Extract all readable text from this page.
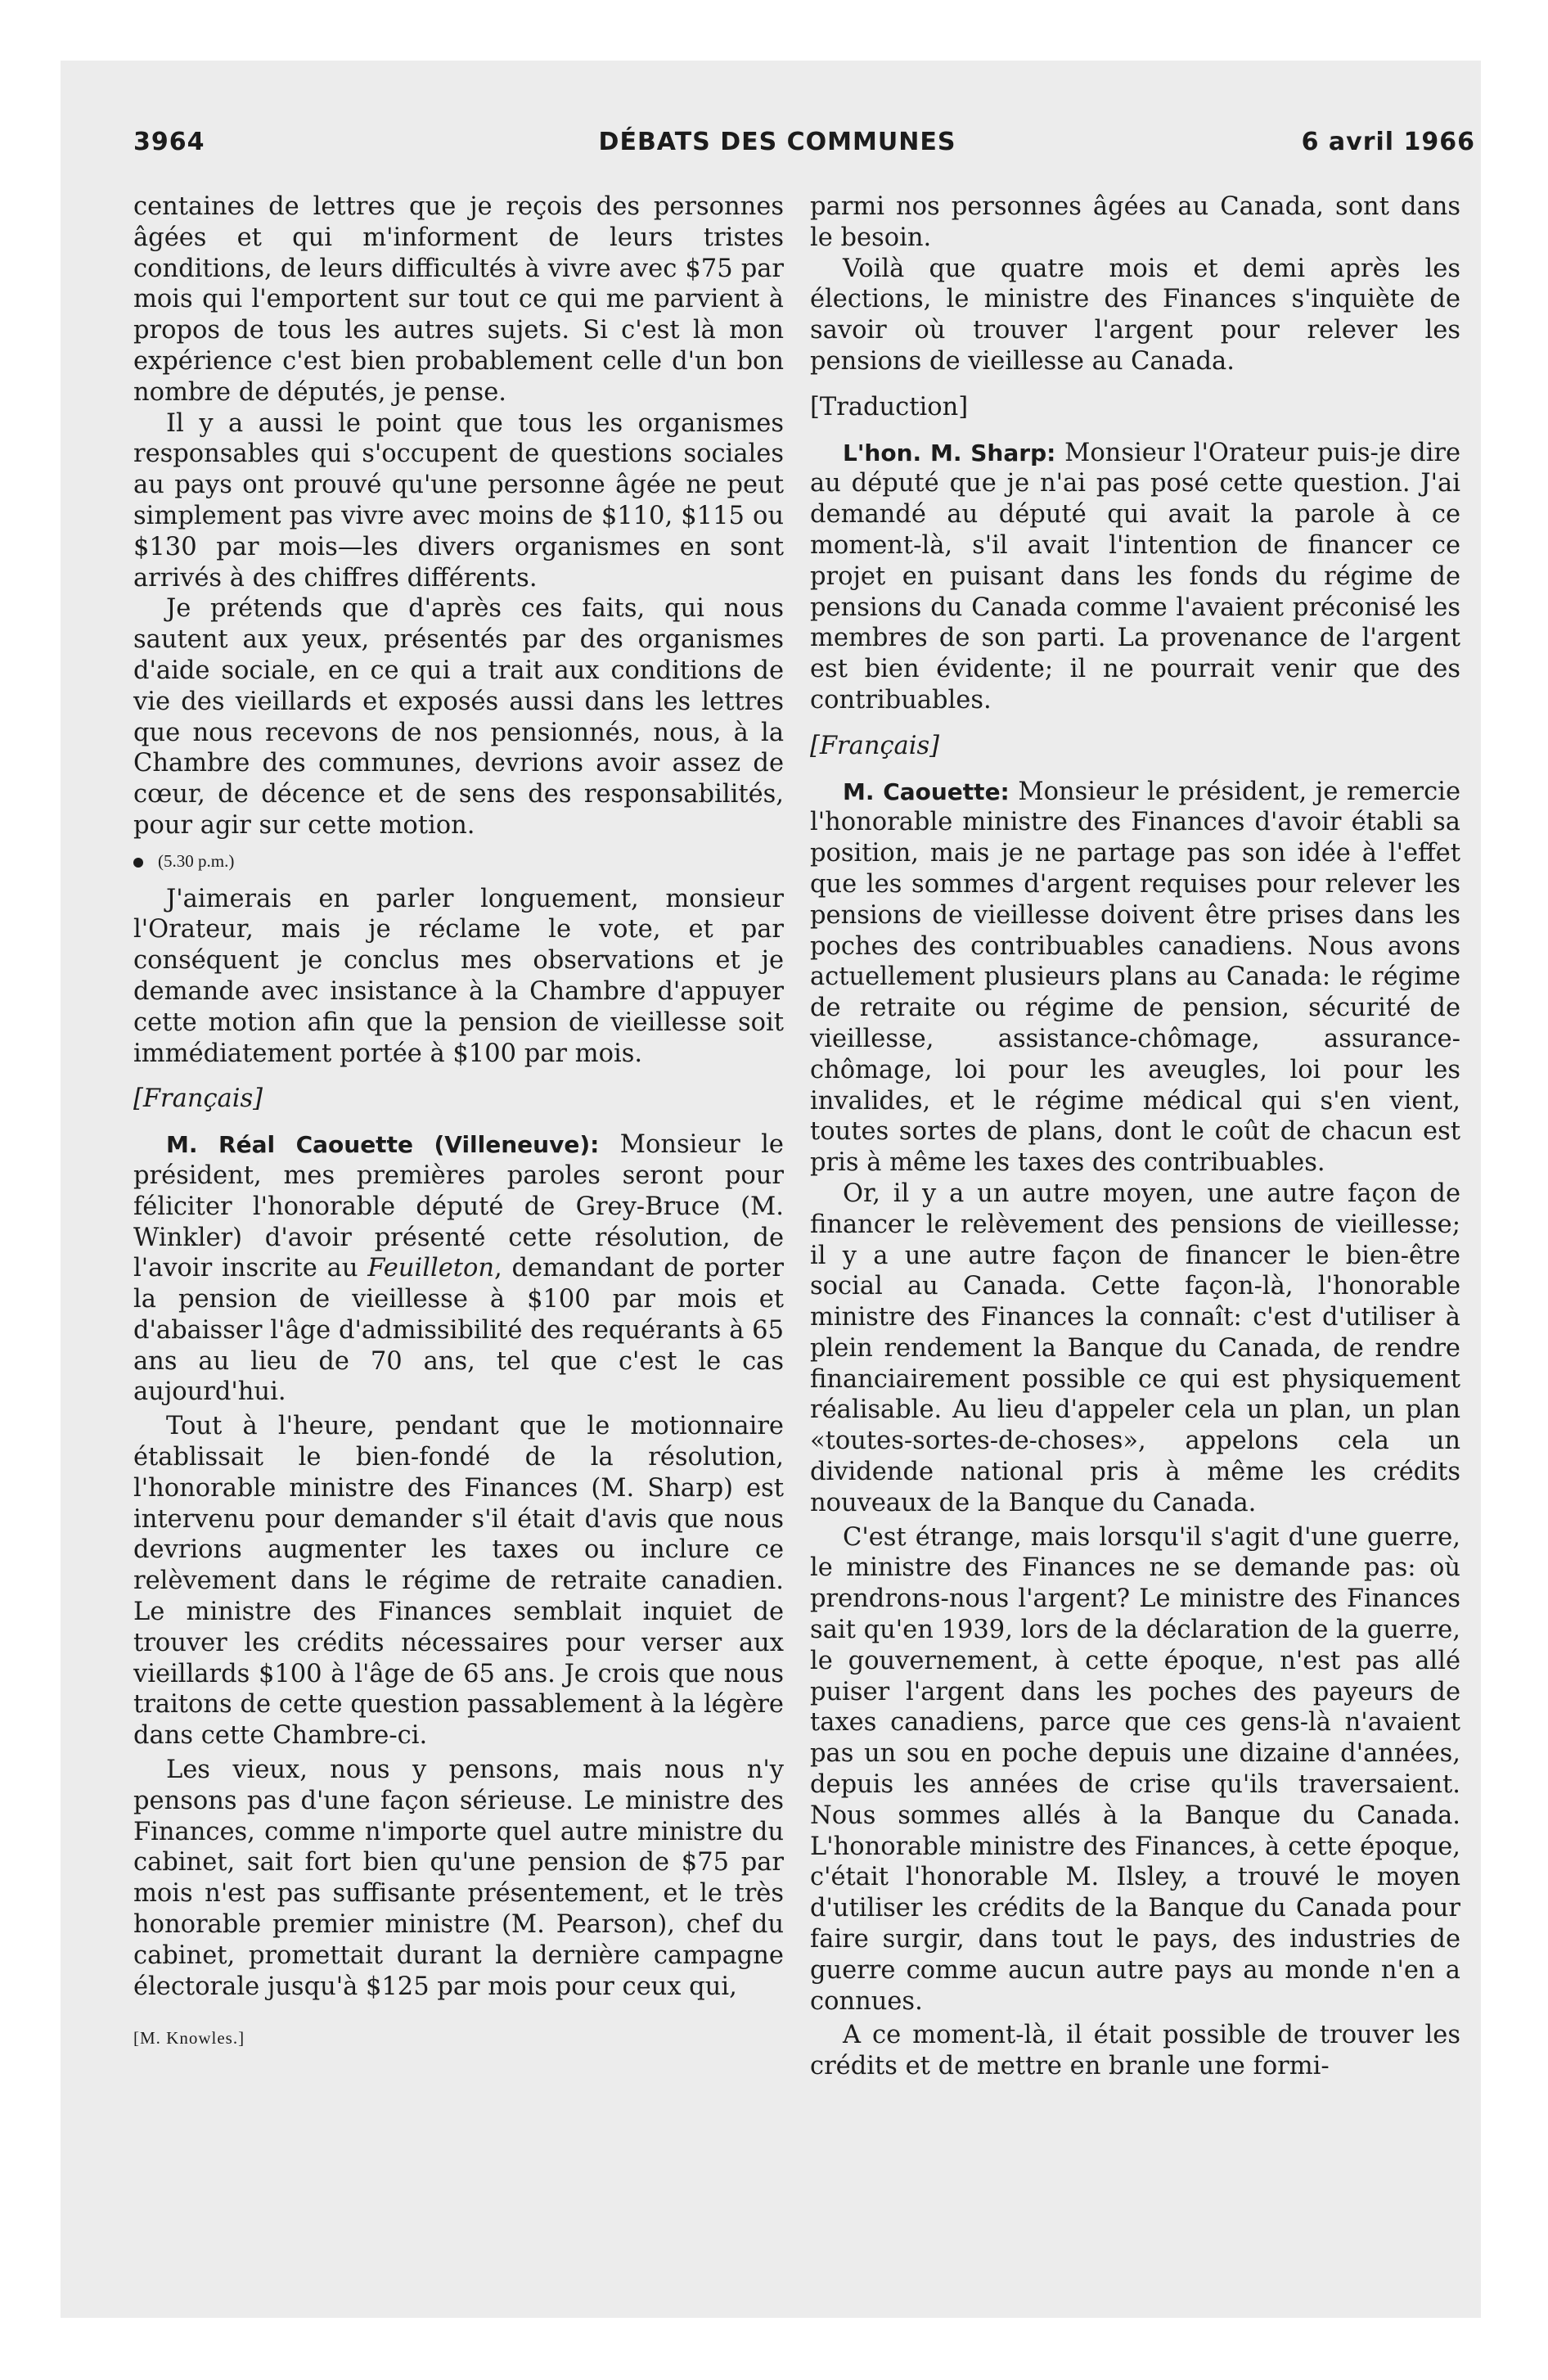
3964	DÉBATS DES COMMUNES	6 avril 1966

centaines de lettres que je reçois des personnes âgées et qui m'informent de leurs tristes conditions, de leurs difficultés à vivre avec $75 par mois qui l'emportent sur tout ce qui me parvient à propos de tous les autres sujets. Si c'est là mon expérience c'est bien probablement celle d'un bon nombre de députés, je pense.

Il y a aussi le point que tous les organismes responsables qui s'occupent de questions sociales au pays ont prouvé qu'une personne âgée ne peut simplement pas vivre avec moins de $110, $115 ou $130 par mois—les divers organismes en sont arrivés à des chiffres différents.

Je prétends que d'après ces faits, qui nous sautent aux yeux, présentés par des organismes d'aide sociale, en ce qui a trait aux conditions de vie des vieillards et exposés aussi dans les lettres que nous recevons de nos pensionnés, nous, à la Chambre des communes, devrions avoir assez de cœur, de décence et de sens des responsabilités, pour agir sur cette motion.

(5.30 p.m.)

J'aimerais en parler longuement, monsieur l'Orateur, mais je réclame le vote, et par conséquent je conclus mes observations et je demande avec insistance à la Chambre d'appuyer cette motion afin que la pension de vieillesse soit immédiatement portée à $100 par mois.

[Français]

M. Réal Caouette (Villeneuve): Monsieur le président, mes premières paroles seront pour féliciter l'honorable député de Grey-Bruce (M. Winkler) d'avoir présenté cette résolution, de l'avoir inscrite au Feuilleton, demandant de porter la pension de vieillesse à $100 par mois et d'abaisser l'âge d'admissibilité des requérants à 65 ans au lieu de 70 ans, tel que c'est le cas aujourd'hui.

Tout à l'heure, pendant que le motionnaire établissait le bien-fondé de la résolution, l'honorable ministre des Finances (M. Sharp) est intervenu pour demander s'il était d'avis que nous devrions augmenter les taxes ou inclure ce relèvement dans le régime de retraite canadien. Le ministre des Finances semblait inquiet de trouver les crédits nécessaires pour verser aux vieillards $100 à l'âge de 65 ans. Je crois que nous traitons de cette question passablement à la légère dans cette Chambre-ci.

Les vieux, nous y pensons, mais nous n'y pensons pas d'une façon sérieuse. Le ministre des Finances, comme n'importe quel autre ministre du cabinet, sait fort bien qu'une pension de $75 par mois n'est pas suffisante présentement, et le très honorable premier ministre (M. Pearson), chef du cabinet, promettait durant la dernière campagne électorale jusqu'à $125 par mois pour ceux qui,

[M. Knowles.]

parmi nos personnes âgées au Canada, sont dans le besoin.

Voilà que quatre mois et demi après les élections, le ministre des Finances s'inquiète de savoir où trouver l'argent pour relever les pensions de vieillesse au Canada.

[Traduction]

L'hon. M. Sharp: Monsieur l'Orateur puis-je dire au député que je n'ai pas posé cette question. J'ai demandé au député qui avait la parole à ce moment-là, s'il avait l'intention de financer ce projet en puisant dans les fonds du régime de pensions du Canada comme l'avaient préconisé les membres de son parti. La provenance de l'argent est bien évidente; il ne pourrait venir que des contribuables.

[Français]

M. Caouette: Monsieur le président, je remercie l'honorable ministre des Finances d'avoir établi sa position, mais je ne partage pas son idée à l'effet que les sommes d'argent requises pour relever les pensions de vieillesse doivent être prises dans les poches des contribuables canadiens. Nous avons actuellement plusieurs plans au Canada: le régime de retraite ou régime de pension, sécurité de vieillesse, assistance-chômage, assurance-chômage, loi pour les aveugles, loi pour les invalides, et le régime médical qui s'en vient, toutes sortes de plans, dont le coût de chacun est pris à même les taxes des contribuables.

Or, il y a un autre moyen, une autre façon de financer le relèvement des pensions de vieillesse; il y a une autre façon de financer le bien-être social au Canada. Cette façon-là, l'honorable ministre des Finances la connaît: c'est d'utiliser à plein rendement la Banque du Canada, de rendre financiairement possible ce qui est physiquement réalisable. Au lieu d'appeler cela un plan, un plan «toutes-sortes-de-choses», appelons cela un dividende national pris à même les crédits nouveaux de la Banque du Canada.

C'est étrange, mais lorsqu'il s'agit d'une guerre, le ministre des Finances ne se demande pas: où prendrons-nous l'argent? Le ministre des Finances sait qu'en 1939, lors de la déclaration de la guerre, le gouvernement, à cette époque, n'est pas allé puiser l'argent dans les poches des payeurs de taxes canadiens, parce que ces gens-là n'avaient pas un sou en poche depuis une dizaine d'années, depuis les années de crise qu'ils traversaient. Nous sommes allés à la Banque du Canada. L'honorable ministre des Finances, à cette époque, c'était l'honorable M. Ilsley, a trouvé le moyen d'utiliser les crédits de la Banque du Canada pour faire surgir, dans tout le pays, des industries de guerre comme aucun autre pays au monde n'en a connues.

A ce moment-là, il était possible de trouver les crédits et de mettre en branle une formi-
